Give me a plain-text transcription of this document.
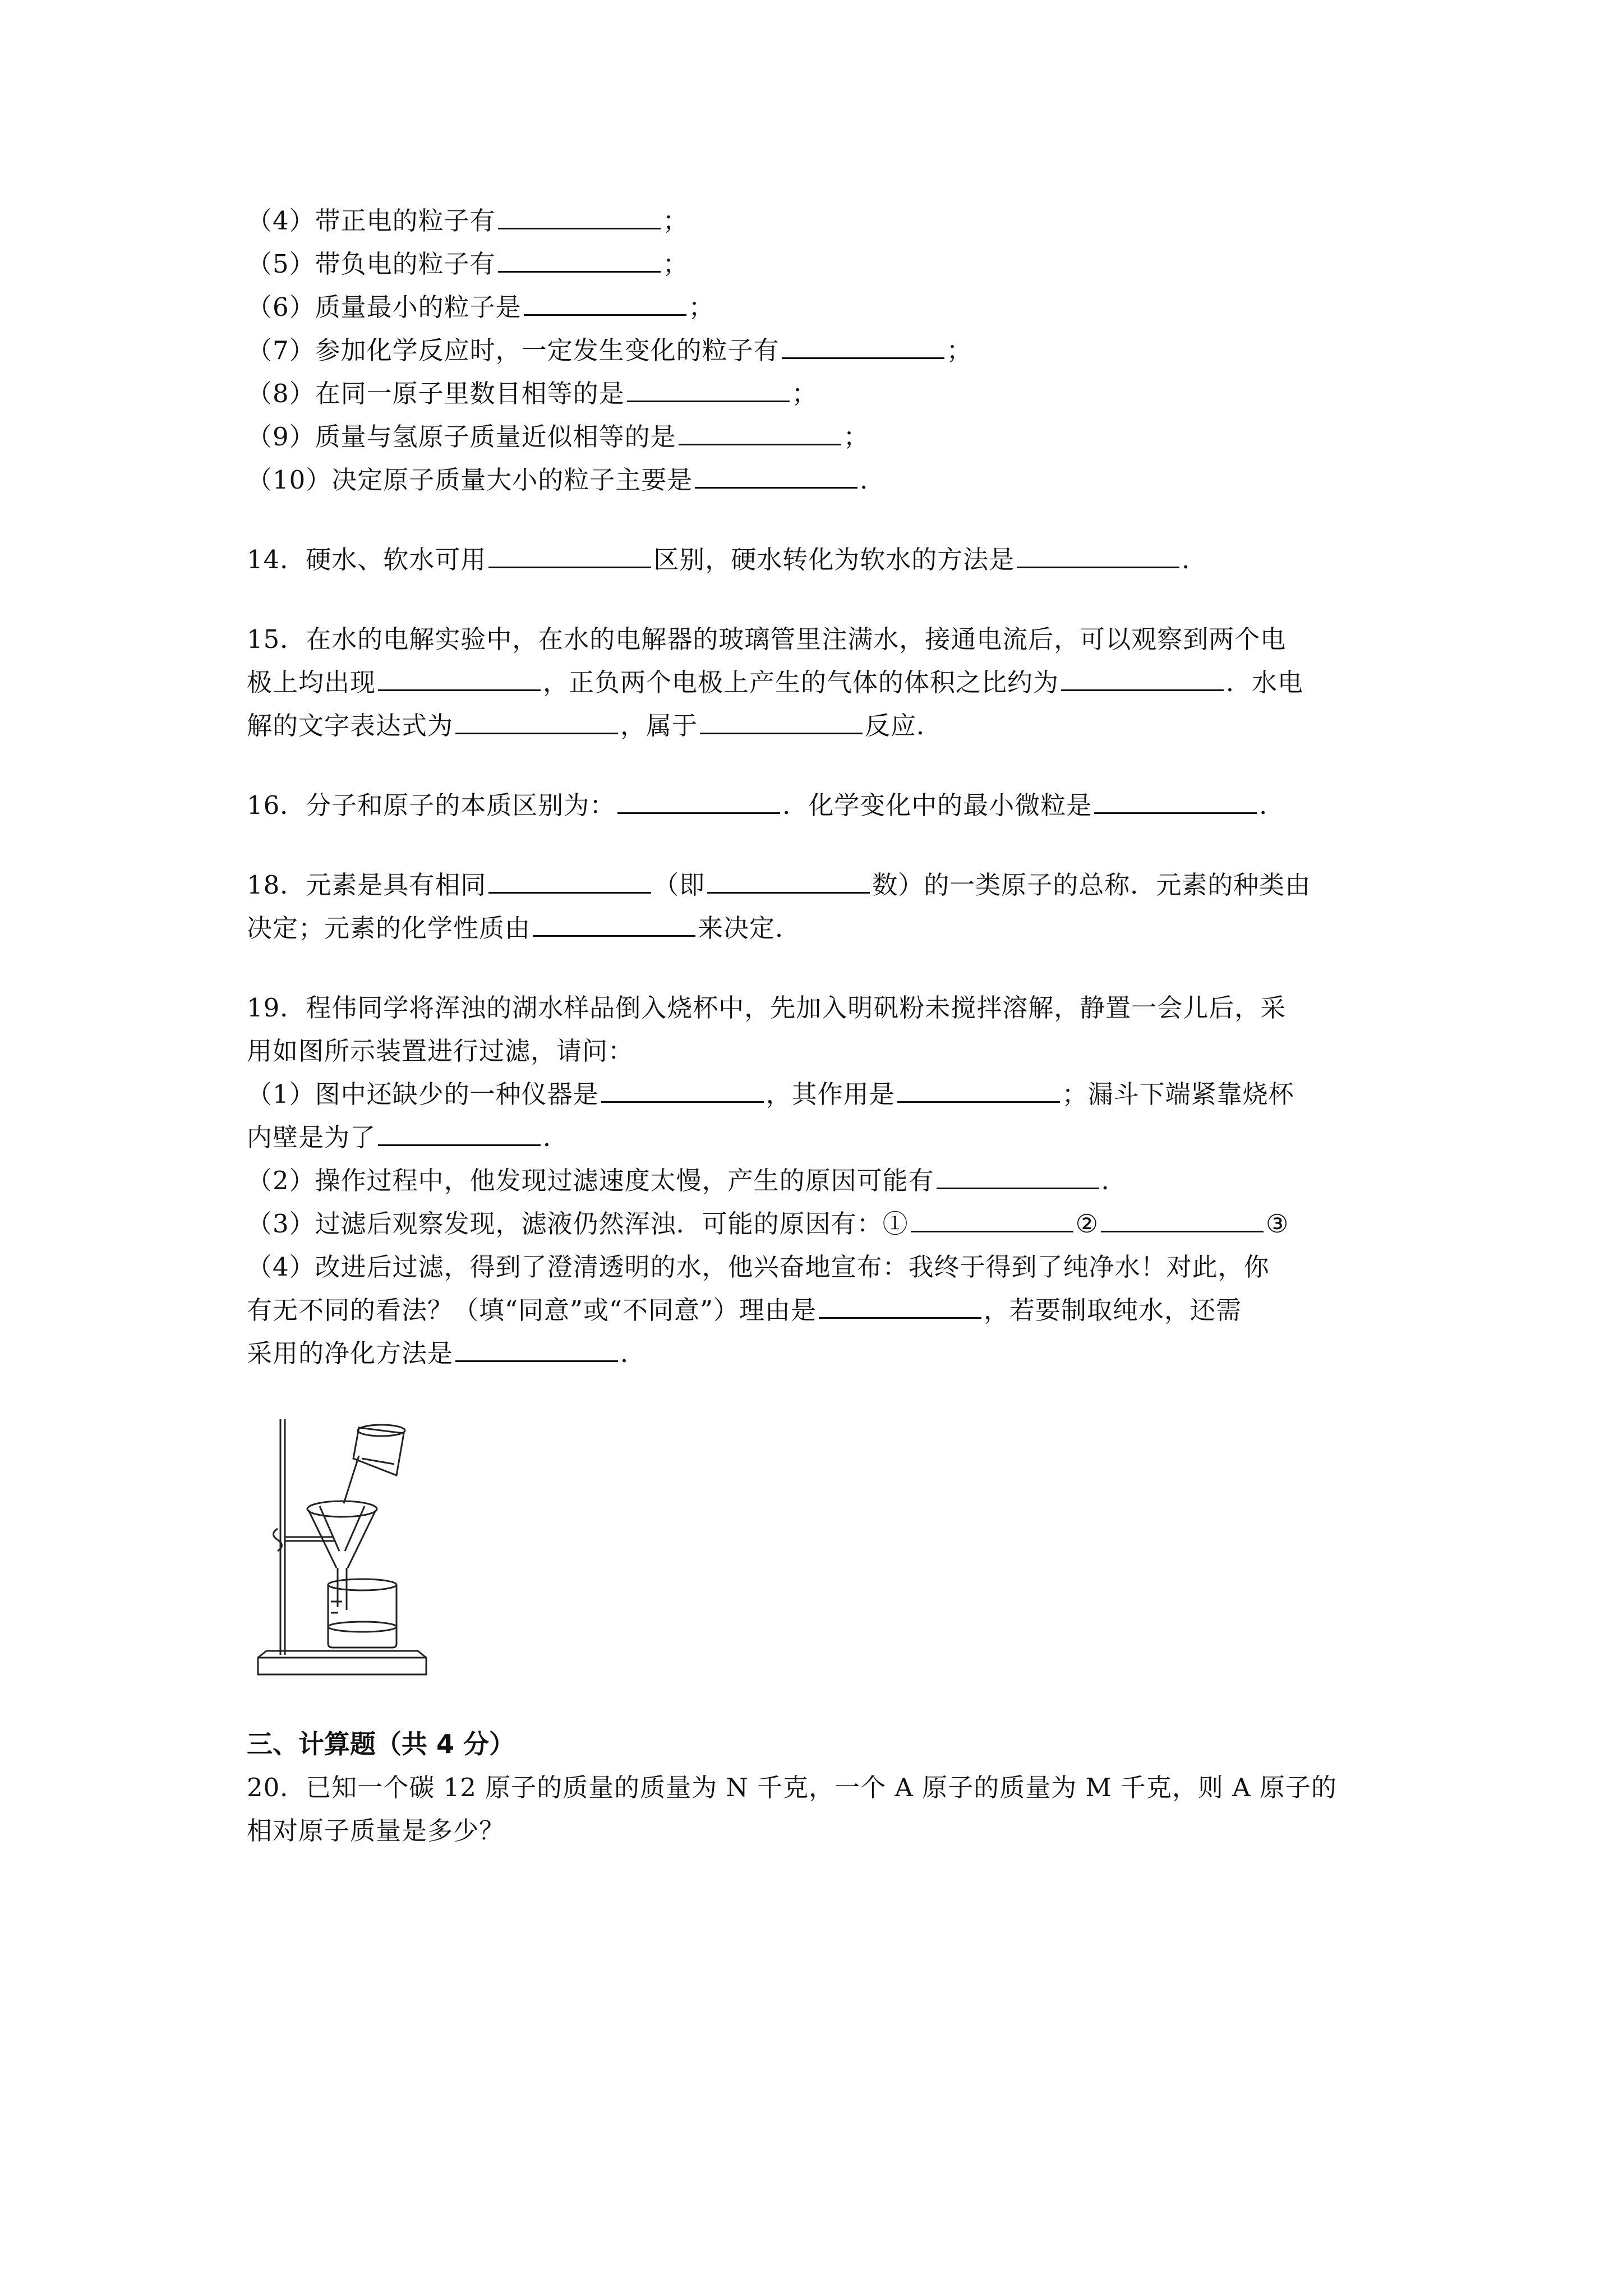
（4）带正电的粒子有	；
（5）带负电的粒子有	；
（6）质量最小的粒子是	；
（7）参加化学反应时，一定发生变化的粒子有	；
（8）在同一原子里数目相等的是	；
（9）质量与氢原子质量近似相等的是	；
（10）决定原子质量大小的粒子主要是	．
14．硬水、软水可用	区别，硬水转化为软水的方法是	．
15．在水的电解实验中，在水的电解器的玻璃管里注满水，接通电流后，可以观察到两个电
极上均出现	，正负两个电极上产生的气体的体积之比约为	．水电
解的文字表达式为	，属于	反应．
16．分子和原子的本质区别为：	．化学变化中的最小微粒是	．
18．元素是具有相同	（即	数）的一类原子的总称．元素的种类由
决定；元素的化学性质由	来决定．
19．程伟同学将浑浊的湖水样品倒入烧杯中，先加入明矾粉未搅拌溶解，静置一会儿后，采
用如图所示装置进行过滤，请问：
（1）图中还缺少的一种仪器是	，其作用是	；漏斗下端紧靠烧杯
内壁是为了	．
（2）操作过程中，他发现过滤速度太慢，产生的原因可能有	．
（3）过滤后观察发现，滤液仍然浑浊．可能的原因有：①	②	③
（4）改进后过滤，得到了澄清透明的水，他兴奋地宣布：我终于得到了纯净水！对此，你
有无不同的看法？（填“同意”或“不同意”）理由是	，若要制取纯水，还需
采用的净化方法是	．
三、计算题（共 4 分）
20．已知一个碳 12 原子的质量的质量为 N 千克，一个 A 原子的质量为 M 千克，则 A 原子的
相对原子质量是多少？
